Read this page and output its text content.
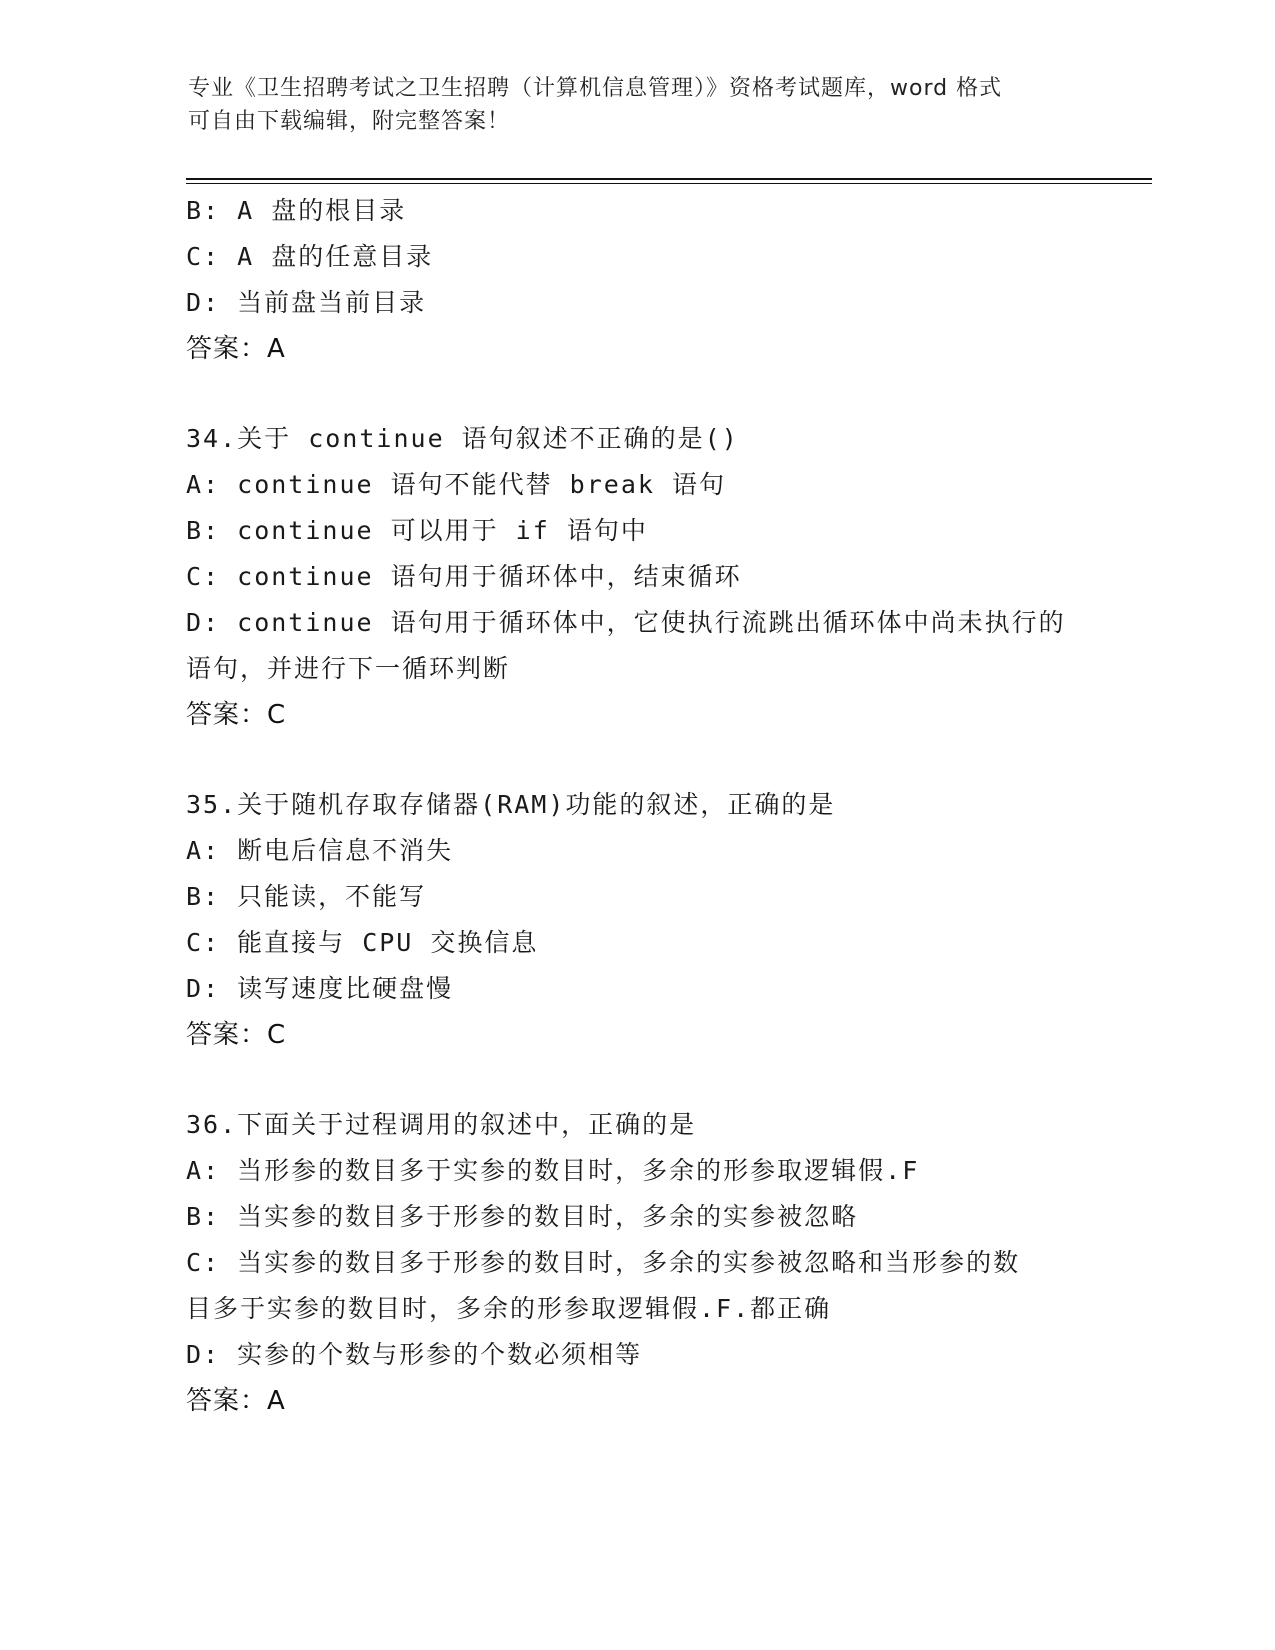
专业《卫生招聘考试之卫生招聘（计算机信息管理）》资格考试题库，word 格式
可自由下载编辑，附完整答案！
B: A 盘的根目录
C: A 盘的任意目录
D: 当前盘当前目录
答案：A
34.关于 continue 语句叙述不正确的是()
A: continue 语句不能代替 break 语句
B: continue 可以用于 if 语句中
C: continue 语句用于循环体中，结束循环
D: continue 语句用于循环体中，它使执行流跳出循环体中尚未执行的
语句，并进行下一循环判断
答案：C
35.关于随机存取存储器(RAM)功能的叙述，正确的是
A: 断电后信息不消失
B: 只能读，不能写
C: 能直接与 CPU 交换信息
D: 读写速度比硬盘慢
答案：C
36.下面关于过程调用的叙述中，正确的是
A: 当形参的数目多于实参的数目时，多余的形参取逻辑假.F
B: 当实参的数目多于形参的数目时，多余的实参被忽略
C: 当实参的数目多于形参的数目时，多余的实参被忽略和当形参的数
目多于实参的数目时，多余的形参取逻辑假.F.都正确
D: 实参的个数与形参的个数必须相等
答案：A
